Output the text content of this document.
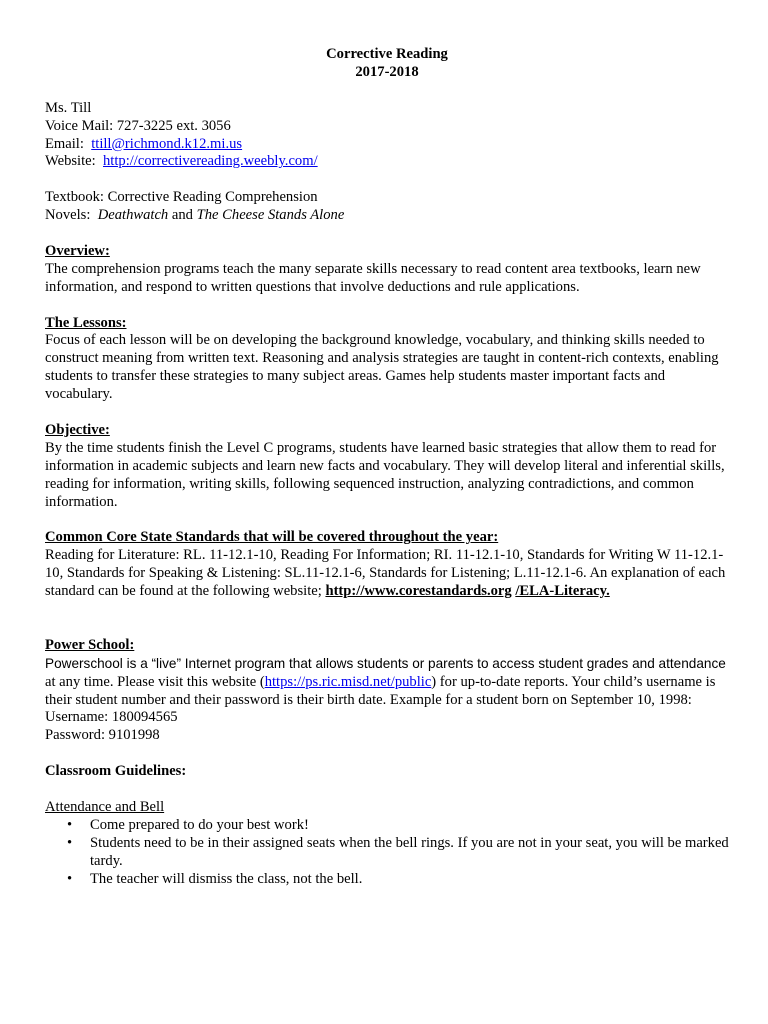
Corrective Reading
2017-2018
Ms. Till
Voice Mail: 727-3225 ext. 3056
Email: ttill@richmond.k12.mi.us
Website: http://correctivereading.weebly.com/
Textbook: Corrective Reading Comprehension
Novels: Deathwatch and The Cheese Stands Alone
Overview:
The comprehension programs teach the many separate skills necessary to read content area textbooks, learn new information, and respond to written questions that involve deductions and rule applications.
The Lessons:
Focus of each lesson will be on developing the background knowledge, vocabulary, and thinking skills needed to construct meaning from written text. Reasoning and analysis strategies are taught in content-rich contexts, enabling students to transfer these strategies to many subject areas. Games help students master important facts and vocabulary.
Objective:
By the time students finish the Level C programs, students have learned basic strategies that allow them to read for information in academic subjects and learn new facts and vocabulary. They will develop literal and inferential skills, reading for information, writing skills, following sequenced instruction, analyzing contradictions, and common information.
Common Core State Standards that will be covered throughout the year:
Reading for Literature: RL. 11-12.1-10, Reading For Information; RI. 11-12.1-10, Standards for Writing W 11-12.1-10, Standards for Speaking & Listening: SL.11-12.1-6, Standards for Listening; L.11-12.1-6. An explanation of each standard can be found at the following website; http://www.corestandards.org /ELA-Literacy.
Power School:
Powerschool is a “live” Internet program that allows students or parents to access student grades and attendance at any time. Please visit this website (https://ps.ric.misd.net/public) for up-to-date reports. Your child’s username is their student number and their password is their birth date. Example for a student born on September 10, 1998:
Username: 180094565
Password: 9101998
Classroom Guidelines:
Attendance and Bell
• Come prepared to do your best work!
• Students need to be in their assigned seats when the bell rings. If you are not in your seat, you will be marked tardy.
• The teacher will dismiss the class, not the bell.
